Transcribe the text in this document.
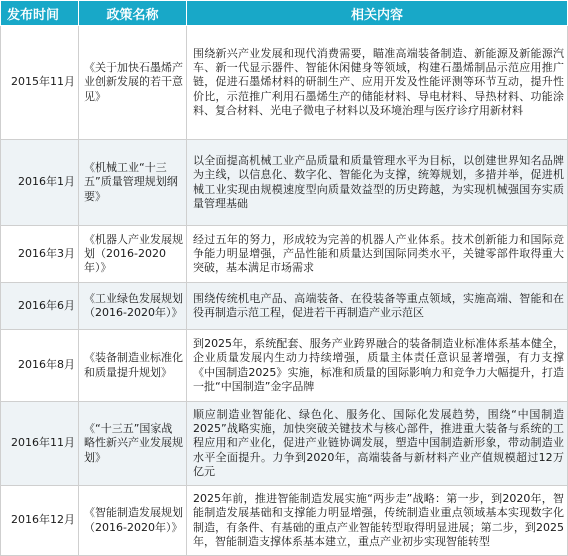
发布时间	政策名称	相关内容
2015年11月	《关于加快石墨烯产业创新发展的若干意见》	围绕新兴产业发展和现代消费需要，瞄准高端装备制造、新能源及新能源汽车、新一代显示器件、智能休闲健身等领域，构建石墨烯制品示范应用推广链，促进石墨烯材料的研制生产、应用开发及性能评测等环节互动，提升性价比，示范推广利用石墨烯生产的储能材料、导电材料、导热材料、功能涂料、复合材料、光电子微电子材料以及环境治理与医疗诊疗用新材料
2016年1月	《机械工业“十三五”质量管理规划纲要》	以全面提高机械工业产品质量和质量管理水平为目标，以创建世界知名品牌为主线，以信息化、数字化、智能化为支撑，统筹规划，多措并举，促进机械工业实现由规模速度型向质量效益型的历史跨越，为实现机械强国夯实质量管理基础
2016年3月	《机器人产业发展规划（2016-2020年）》	经过五年的努力，形成较为完善的机器人产业体系。技术创新能力和国际竞争能力明显增强，产品性能和质量达到国际同类水平，关键零部件取得重大突破，基本满足市场需求
2016年6月	《工业绿色发展规划（2016-2020年）》	围绕传统机电产品、高端装备、在役装备等重点领域，实施高端、智能和在役再制造示范工程，促进若干再制造产业示范区
2016年8月	《装备制造业标准化和质量提升规划》	到2025年，系统配套、服务产业跨界融合的装备制造业标准体系基本健全，企业质量发展内生动力持续增强，质量主体责任意识显著增强，有力支撑《中国制造2025》实施，标准和质量的国际影响力和竞争力大幅提升，打造一批“中国制造”金字品牌
2016年11月	《“十三五”国家战略性新兴产业发展规划》	顺应制造业智能化、绿色化、服务化、国际化发展趋势，围绕“中国制造2025”战略实施，加快突破关键技术与核心部件，推进重大装备与系统的工程应用和产业化，促进产业链协调发展，塑造中国制造新形象，带动制造业水平全面提升。力争到2020年，高端装备与新材料产业产值规模超过12万亿元
2016年12月	《智能制造发展规划（2016-2020年）》	2025年前，推进智能制造发展实施“两步走”战略：第一步，到2020年，智能制造发展基础和支撑能力明显增强，传统制造业重点领域基本实现数字化制造，有条件、有基础的重点产业智能转型取得明显进展；第二步，到2025年，智能制造支撑体系基本建立，重点产业初步实现智能转型
